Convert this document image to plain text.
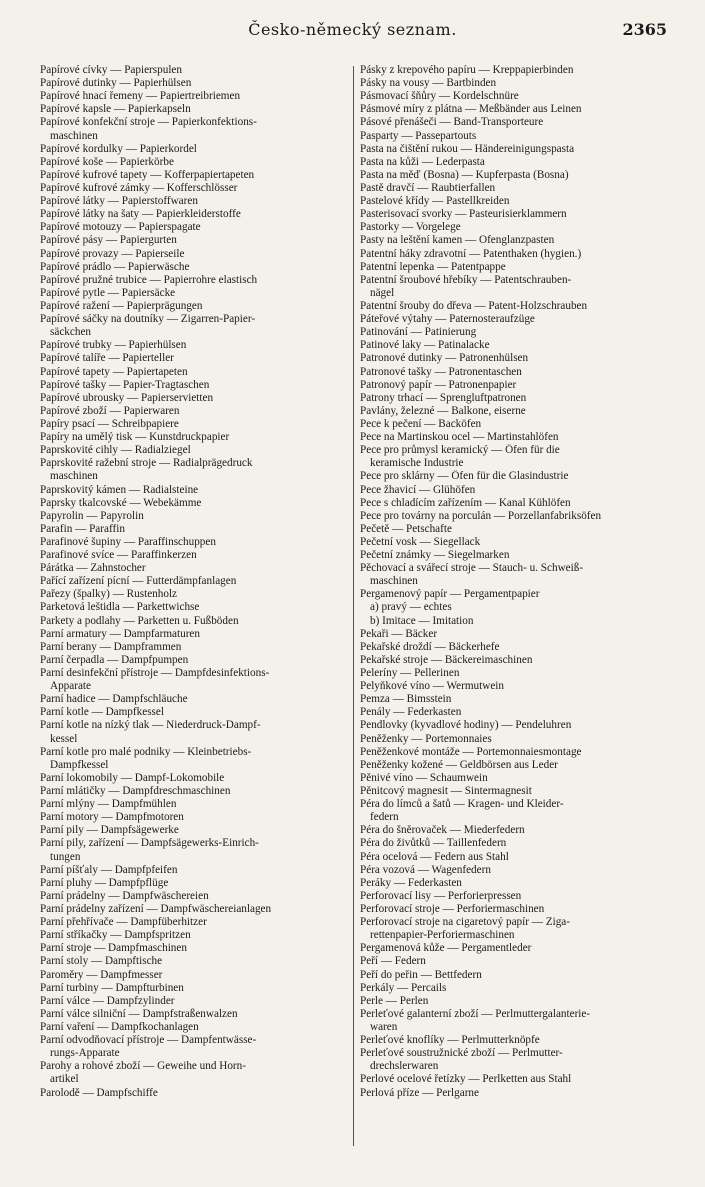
Česko-německý seznam.	2365
Papírové cívky — Papierspulen
Papírové dutinky — Papierhülsen
Papírové hnací řemeny — Papiertreibriemen
Papírové kapsle — Papierkapseln
Papírové konfekční stroje — Papierkonfektions-
maschinen
Papírové kordulky — Papierkordel
Papírové koše — Papierkörbe
Papírové kufrové tapety — Kofferpapiertapeten
Papírové kufrové zámky — Kofferschlösser
Papírové látky — Papierstoffwaren
Papírové látky na šaty — Papierkleiderstoffe
Papírové motouzy — Papierspagate
Papírové pásy — Papiergurten
Papírové provazy — Papierseile
Papírové prádlo — Papierwäsche
Papírové pružné trubice — Papierrohre elastisch
Papírové pytle — Papiersäcke
Papírové ražení — Papierprägungen
Papírové sáčky na doutníky — Zigarren-Papier-
säckchen
Papírové trubky — Papierhülsen
Papírové talíře — Papierteller
Papírové tapety — Papiertapeten
Papírové tašky — Papier-Tragtaschen
Papírové ubrousky — Papierservietten
Papírové zboží — Papierwaren
Papíry psací — Schreibpapiere
Papíry na umělý tisk — Kunstdruckpapier
Paprskovité cihly — Radialziegel
Paprskovité ražební stroje — Radialprägedruck
maschinen
Paprskovitý kámen — Radialsteine
Paprsky tkalcovské — Webekämme
Papyrolin — Papyrolin
Parafin — Paraffin
Parafinové šupiny — Paraffinschuppen
Parafinové svíce — Paraffinkerzen
Párátka — Zahnstocher
Pařící zařízení pícní — Futterdämpfanlagen
Pařezy (špalky) — Rustenholz
Parketová leštidla — Parkettwichse
Parkety a podlahy — Parketten u. Fußböden
Parní armatury — Dampfarmaturen
Parní berany — Dampframmen
Parní čerpadla — Dampfpumpen
Parní desinfekční přístroje — Dampfdesinfektions-
Apparate
Parní hadice — Dampfschläuche
Parní kotle — Dampfkessel
Parní kotle na nízký tlak — Niederdruck-Dampf-
kessel
Parní kotle pro malé podniky — Kleinbetriebs-
Dampfkessel
Parní lokomobily — Dampf-Lokomobile
Parní mlátičky — Dampfdreschmaschinen
Parní mlýny — Dampfmühlen
Parní motory — Dampfmotoren
Parní pily — Dampfsägewerke
Parní pily, zařízení — Dampfsägewerks-Einrich-
tungen
Parní píšťaly — Dampfpfeifen
Parní pluhy — Dampfpflüge
Parní prádelny — Dampfwäschereien
Parní prádelny zařízení — Dampfwäschereianlagen
Parní přehřívače — Dampfüberhitzer
Parní stříkačky — Dampfspritzen
Parní stroje — Dampfmaschinen
Parní stoly — Dampftische
Paroměry — Dampfmesser
Parní turbiny — Dampfturbinen
Parní válce — Dampfzylinder
Parní válce silniční — Dampfstraßenwalzen
Parní vaření — Dampfkochanlagen
Parní odvodňovací přístroje — Dampfentwässe-
rungs-Apparate
Parohy a rohové zboží — Geweihe und Horn-
artikel
Parolodě — Dampfschiffe
Pásky z krepového papíru — Kreppapierbinden
Pásky na vousy — Bartbinden
Pásmovací šňůry — Kordelschnüre
Pásmové míry z plátna — Meßbänder aus Leinen
Pásové přenášeči — Band-Transporteure
Pasparty — Passepartouts
Pasta na čištění rukou — Händereinigungspasta
Pasta na kůži — Lederpasta
Pasta na měď (Bosna) — Kupferpasta (Bosna)
Pastě dravčí — Raubtierfallen
Pastelové křídy — Pastellkreiden
Pasterisovací svorky — Pasteurisierklammern
Pastorky — Vorgelege
Pasty na leštění kamen — Ofenglanzpasten
Patentní háky zdravotní — Patenthaken (hygien.)
Patentní lepenka — Patentpappe
Patentní šroubové hřebíky — Patentschrauben-
nägel
Patentní šrouby do dřeva — Patent-Holzschrauben
Páteřové výtahy — Paternosteraufzüge
Patinování — Patinierung
Patinové laky — Patinalacke
Patronové dutinky — Patronenhülsen
Patronové tašky — Patronentaschen
Patronový papír — Patronenpapier
Patrony trhací — Sprengluftpatronen
Pavlány, železné — Balkone, eiserne
Pece k pečení — Backöfen
Pece na Martinskou ocel — Martinstahlöfen
Pece pro průmysl keramický — Öfen für die
keramische Industrie
Pece pro sklárny — Öfen für die Glasindustrie
Pece žhavicí — Glühöfen
Pece s chladícím zařízením — Kanal Kühlöfen
Pece pro továrny na porculán — Porzellanfabriksöfen
Pečetě — Petschafte
Pečetní vosk — Siegellack
Pečetní známky — Siegelmarken
Pěchovací a svářecí stroje — Stauch- u. Schweiß-
maschinen
Pergamenový papír — Pergamentpapier
a) pravý — echtes
b) Imitace — Imitation
Pekaři — Bäcker
Pekařské droždí — Bäckerhefe
Pekařské stroje — Bäckereimaschinen
Peleríny — Pellerinen
Pelyňkové víno — Wermutwein
Pemza — Bimsstein
Penály — Federkasten
Pendlovky (kyvadlové hodiny) — Pendeluhren
Peněženky — Portemonnaies
Peněženkové montáže — Portemonnaiesmontage
Peněženky kožené — Geldbörsen aus Leder
Pěnivé víno — Schaumwein
Pěnitcový magnesit — Sintermagnesit
Péra do límců a šatů — Kragen- und Kleider-
federn
Péra do šněrovaček — Miederfedern
Péra do živůtků — Taillenfedern
Péra ocelová — Federn aus Stahl
Péra vozová — Wagenfedern
Peráky — Federkasten
Perforovací lisy — Perforierpressen
Perforovací stroje — Perforiermaschinen
Perforovací stroje na cigaretový papír — Ziga-
rettenpapier-Perforiermaschinen
Pergamenová kůže — Pergamentleder
Peří — Federn
Peří do peřin — Bettfedern
Perkály — Percails
Perle — Perlen
Perleťové galanterní zboží — Perlmuttergalanterie-
waren
Perleťové knoflíky — Perlmutterknöpfe
Perleťové soustružnické zboží — Perlmutter-
drechslerwaren
Perlové ocelové řetízky — Perlketten aus Stahl
Perlová příze — Perlgarne
